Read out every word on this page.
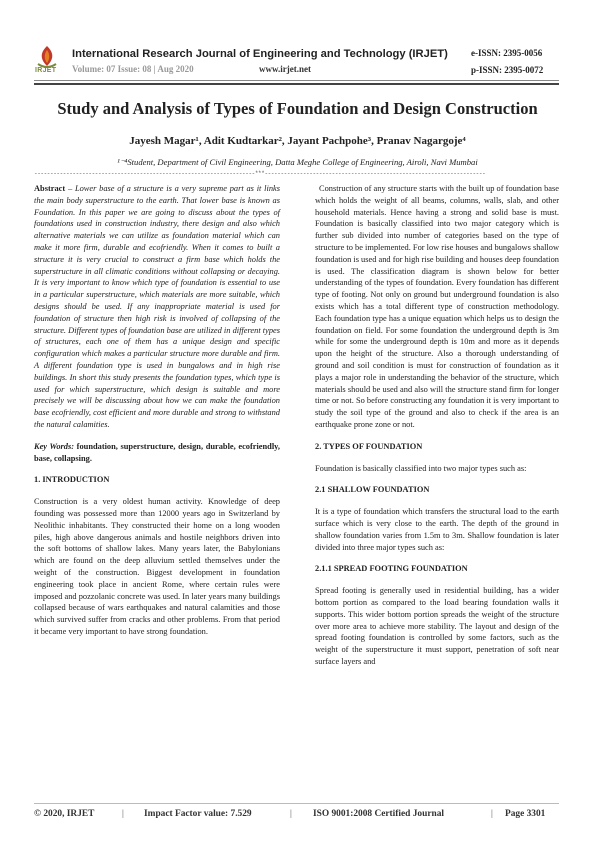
IRJET
International Research Journal of Engineering and Technology (IRJET)
Volume: 07 Issue: 08 | Aug 2020	www.irjet.net
e-ISSN: 2395-0056
p-ISSN: 2395-0072
Study and Analysis of Types of Foundation and Design Construction
Jayesh Magar¹, Adit Kudtarkar², Jayant Pachpohe³, Pranav Nagargoje⁴
¹⁻⁴Student, Department of Civil Engineering, Datta Meghe College of Engineering, Airoli, Navi Mumbai
---------------------------------------------------------------------***---------------------------------------------------------------------

Abstract – Lower base of a structure is a very supreme part as it links the main body superstructure to the earth. That lower base is known as Foundation. In this paper we are going to discuss about the types of foundations used in construction industry, there design and also which alternative materials we can utilize as foundation material which can make it more firm, durable and ecofriendly. When it comes to built a structure it is very crucial to construct a firm base which holds the superstructure in all climatic conditions without collapsing or decaying. It is very important to know which type of foundation is essential to use in a particular superstructure, which materials are more suitable, which designs should be used. If any inappropriate material is used for foundation of structure then high risk is involved of collapsing of the structure. Different types of foundation base are utilized in different types of structures, each one of them has a unique design and specific configuration which makes a particular structure more durable and firm. A different foundation type is used in bungalows and in high rise buildings. In short this study presents the foundation types, which type is used for which superstructure, which design is suitable and more precisely we will be discussing about how we can make the foundation base ecofriendly, cost efficient and more durable and strong to withstand the natural calamities.

Key Words: foundation, superstructure, design, durable, ecofriendly, base, collapsing.

1. INTRODUCTION

Construction is a very oldest human activity. Knowledge of deep founding was possessed more than 12000 years ago in Switzerland by Neolithic inhabitants. They constructed their home on a long wooden piles, high above dangerous animals and hostile neighbors driven into the soft bottoms of shallow lakes. Many years later, the Babylonians which are found on the deep alluvium settled themselves under the weight of the construction. Biggest development in foundation engineering took place in ancient Rome, where certain rules were imposed and pozzolanic concrete was used. In later years many buildings collapsed because of wars earthquakes and natural calamities and those which survived suffer from cracks and other problems. From that period it became very important to have strong foundation.

Construction of any structure starts with the built up of foundation base which holds the weight of all beams, columns, walls, slab, and other household materials. Hence having a strong and solid base is must. Foundation is basically classified into two major category which is further sub divided into number of categories based on the type of structure to be implemented. For low rise houses and bungalows shallow foundation is used and for high rise building and houses deep foundation is used. The classification diagram is shown below for better understanding of the types of foundation. Every foundation has different type of footing. Not only on ground but underground foundation is also exists which has a total different type of construction methodology. Each foundation type has a unique equation which helps us to design the foundation on field. For some foundation the underground depth is 3m while for some the underground depth is 10m and more as it depends upon the height of the structure. Also a thorough understanding of ground and soil condition is must for construction of foundation as it plays a major role in understanding the behavior of the structure, which materials should be used and also will the structure stand firm for longer time or not. So before constructing any foundation it is very important to study the soil type of the ground and also to check if the area is an earthquake prone zone or not.

2. TYPES OF FOUNDATION

Foundation is basically classified into two major types such as:

2.1 SHALLOW FOUNDATION

It is a type of foundation which transfers the structural load to the earth surface which is very close to the earth. The depth of the ground in shallow foundation varies from 1.5m to 3m. Shallow foundation is later divided into three major types such as:

2.1.1 SPREAD FOOTING FOUNDATION

Spread footing is generally used in residential building, has a wider bottom portion as compared to the load bearing foundation walls it supports. This wider bottom portion spreads the weight of the structure over more area to achieve more stability. The layout and design of the spread footing foundation is controlled by some factors, such as the weight of the superstructure it must support, penetration of soft near surface layers and

© 2020, IRJET	| Impact Factor value: 7.529	| ISO 9001:2008 Certified Journal	| Page 3301
